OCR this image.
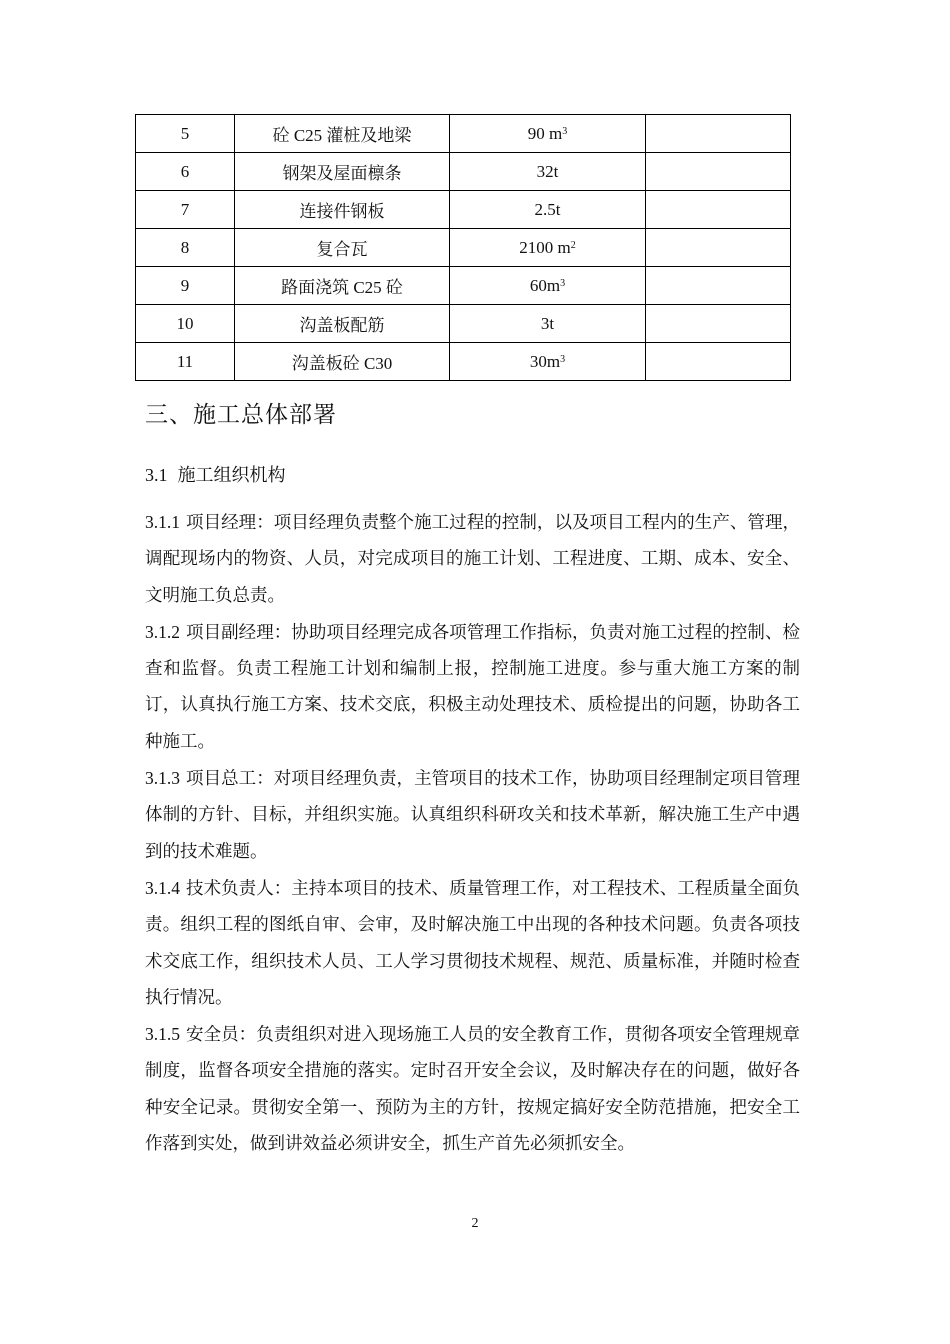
5	砼 C25 灌桩及地梁	90 $m^3$	
6	钢架及屋面檩条	32t	
7	连接件钢板	2.5t	
8	复合瓦	2100 $m^2$	
9	路面浇筑 C25 砼	$60m^3$	
10	沟盖板配筋	3t	
11	沟盖板砼 C30	$30m^3$	
三、施工总体部署
3.1 施工组织机构

3.1.1 项目经理：项目经理负责整个施工过程的控制，以及项目工程内的生产、管理，调配现场内的物资、人员，对完成项目的施工计划、工程进度、工期、成本、安全、文明施工负总责。

3.1.2 项目副经理：协助项目经理完成各项管理工作指标，负责对施工过程的控制、检查和监督。负责工程施工计划和编制上报，控制施工进度。参与重大施工方案的制订，认真执行施工方案、技术交底，积极主动处理技术、质检提出的问题，协助各工种施工。

3.1.3 项目总工：对项目经理负责，主管项目的技术工作，协助项目经理制定项目管理体制的方针、目标，并组织实施。认真组织科研攻关和技术革新，解决施工生产中遇到的技术难题。

3.1.4 技术负责人：主持本项目的技术、质量管理工作，对工程技术、工程质量全面负责。组织工程的图纸自审、会审，及时解决施工中出现的各种技术问题。负责各项技术交底工作，组织技术人员、工人学习贯彻技术规程、规范、质量标准，并随时检查执行情况。

3.1.5 安全员：负责组织对进入现场施工人员的安全教育工作，贯彻各项安全管理规章制度，监督各项安全措施的落实。定时召开安全会议，及时解决存在的问题，做好各种安全记录。贯彻安全第一、预防为主的方针，按规定搞好安全防范措施，把安全工作落到实处，做到讲效益必须讲安全，抓生产首先必须抓安全。

2
